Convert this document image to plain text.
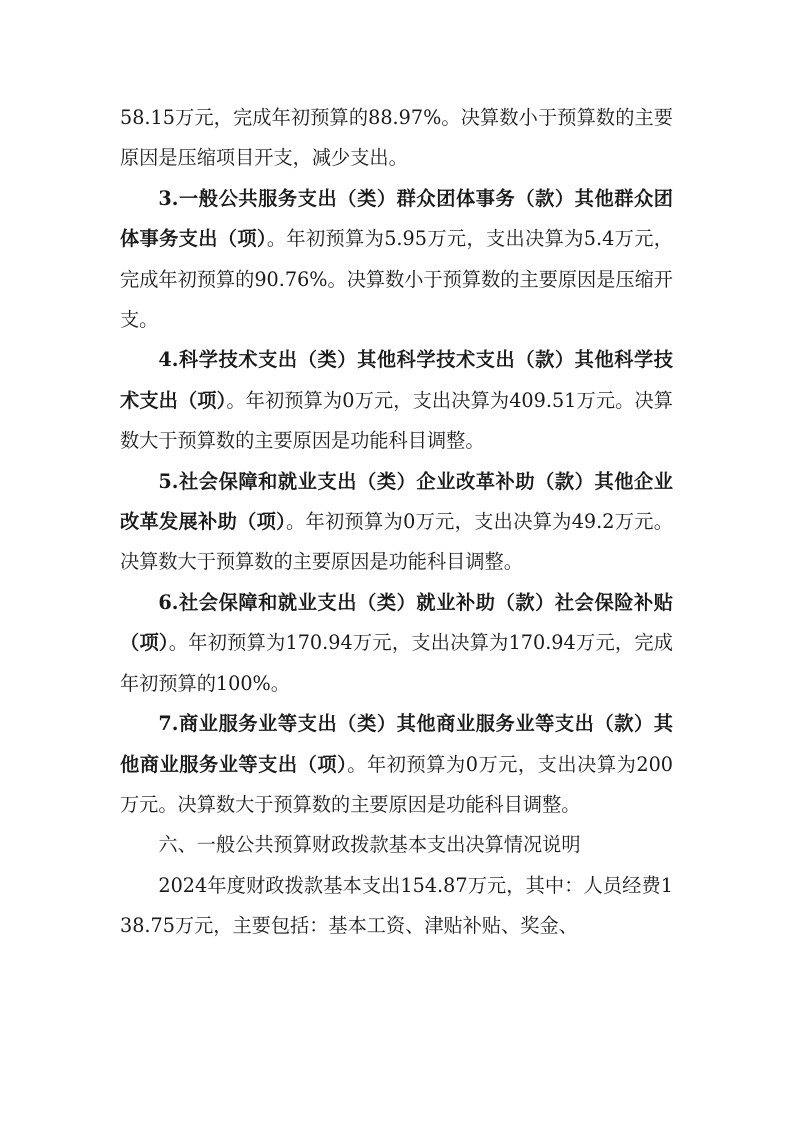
58.15万元，完成年初预算的88.97%。决算数小于预算数的主要原因是压缩项目开支，减少支出。

3.一般公共服务支出（类）群众团体事务（款）其他群众团体事务支出（项）。年初预算为5.95万元，支出决算为5.4万元，完成年初预算的90.76%。决算数小于预算数的主要原因是压缩开支。

4.科学技术支出（类）其他科学技术支出（款）其他科学技术支出（项）。年初预算为0万元，支出决算为409.51万元。决算数大于预算数的主要原因是功能科目调整。

5.社会保障和就业支出（类）企业改革补助（款）其他企业改革发展补助（项）。年初预算为0万元，支出决算为49.2万元。决算数大于预算数的主要原因是功能科目调整。

6.社会保障和就业支出（类）就业补助（款）社会保险补贴（项）。年初预算为170.94万元，支出决算为170.94万元，完成年初预算的100%。

7.商业服务业等支出（类）其他商业服务业等支出（款）其他商业服务业等支出（项）。年初预算为0万元，支出决算为200万元。决算数大于预算数的主要原因是功能科目调整。

六、一般公共预算财政拨款基本支出决算情况说明

2024年度财政拨款基本支出154.87万元，其中：人员经费138.75万元，主要包括：基本工资、津贴补贴、奖金、
